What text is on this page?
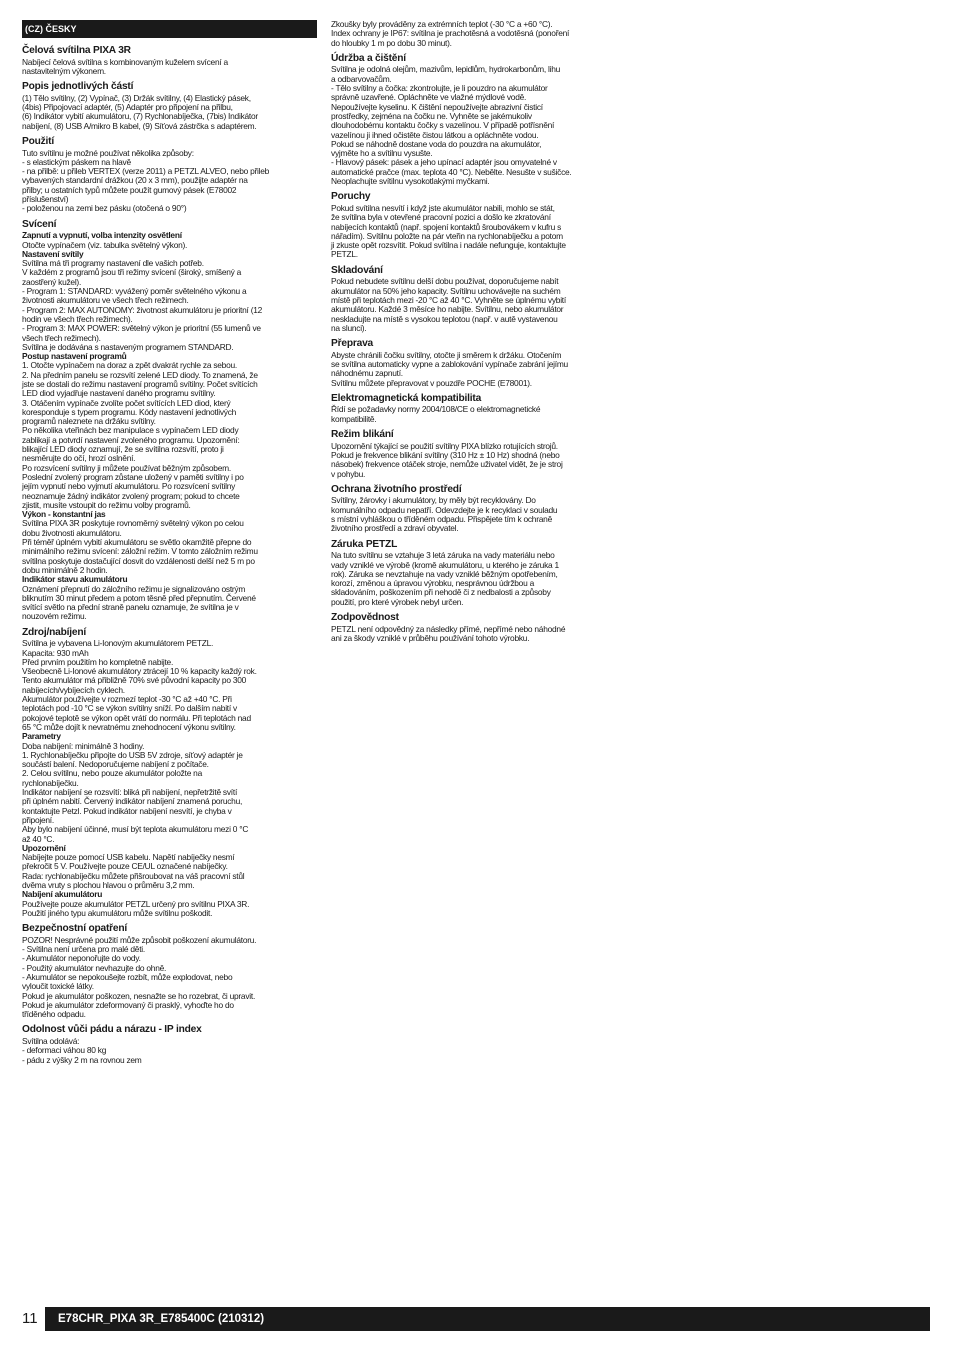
(CZ) ČESKY
Čelová svítilna PIXA 3R
Nabíjecí čelová svítilna s kombinovaným kuželem svícení a
nastavitelným výkonem.
Popis jednotlivých částí
(1) Tělo svítilny, (2) Vypínač, (3) Držák svítilny, (4) Elastický pásek,
(4bis) Připojovací adaptér, (5) Adaptér pro připojení na přilbu,
(6) Indikátor vybití akumulátoru, (7) Rychlonabíječka, (7bis) Indikátor
nabíjení, (8) USB A/mikro B kabel, (9) Síťová zástrčka s adaptérem.
Použití
Tuto svítilnu je možné používat několika způsoby:
- s elastickým páskem na hlavě
- na přilbě: u přileb VERTEX (verze 2011) a PETZL ALVEO, nebo přileb
vybavených standardní drážkou (20 x 3 mm), použijte adaptér na
přilby; u ostatních typů můžete použít gumový pásek (E78002
příslušenství)
- položenou na zemi bez pásku (otočená o 90°)
Svícení
Zapnutí a vypnutí, volba intenzity osvětlení
Otočte vypínačem (viz. tabulka světelný výkon).
Nastavení svítily
Svítilna má tři programy nastavení dle vašich potřeb.
V každém z programů jsou tři režimy svícení (široký, smíšený a
zaostřený kužel).
- Program 1: STANDARD: vyvážený poměr světelného výkonu a
životnosti akumulátoru ve všech třech režimech.
- Program 2: MAX AUTONOMY: životnost akumulátoru je prioritní (12
hodin ve všech třech režimech).
- Program 3: MAX POWER: světelný výkon je prioritní (55 lumenů ve
všech třech režimech).
Svítilna je dodávána s nastaveným programem STANDARD.
Postup nastavení programů
1. Otočte vypínačem na doraz a zpět dvakrát rychle za sebou.
2. Na předním panelu se rozsvítí zelené LED diody. To znamená, že
jste se dostali do režimu nastavení programů svítilny. Počet svítících
LED diod vyjadřuje nastavení daného programu svítilny.
3. Otáčením vypínače zvolíte počet svítících LED diod, který
koresponduje s typem programu. Kódy nastavení jednotlivých
programů naleznete na držáku svítilny.
Po několika vteřinách bez manipulace s vypínačem LED diody
zablikají a potvrdí nastavení zvoleného programu. Upozornění:
blikající LED diody oznamují, že se svítilna rozsvítí, proto ji
nesměrujte do očí, hrozí oslnění.
Po rozsvícení svítilny ji můžete používat běžným způsobem.
Poslední zvolený program zůstane uložený v paměti svítilny i po
jejím vypnutí nebo vyjmutí akumulátoru. Po rozsvícení svítilny
neoznamuje žádný indikátor zvolený program; pokud to chcete
zjistit, musíte vstoupit do režimu volby programů.
Výkon - konstantní jas
Svítilna PIXA 3R poskytuje rovnoměrný světelný výkon po celou
dobu životnosti akumulátoru.
Při téměř úplném vybití akumulátoru se světlo okamžitě přepne do
minimálního režimu svícení: záložní režim. V tomto záložním režimu
svítilna poskytuje dostačující dosvit do vzdálenosti delší než 5 m po
dobu minimálně 2 hodin.
Indikátor stavu akumulátoru
Oznámení přepnutí do záložního režimu je signalizováno ostrým
bliknutím 30 minut předem a potom těsně před přepnutím. Červené
svítící světlo na přední straně panelu oznamuje, že svítilna je v
nouzovém režimu.
Zdroj/nabíjení
Svítilna je vybavena Li-Ionovým akumulátorem PETZL.
Kapacita: 930 mAh
Před prvním použitím ho kompletně nabijte.
Všeobecně Li-Ionové akumulátory ztrácejí 10 % kapacity každý rok.
Tento akumulátor má přibližně 70% své původní kapacity po 300
nabíjecích/vybíjecích cyklech.
Akumulátor používejte v rozmezí teplot -30 °C až +40 °C. Při
teplotách pod -10 °C se výkon svítilny sníží. Po dalším nabití v
pokojové teplotě se výkon opět vrátí do normálu. Při teplotách nad
65 °C může dojít k nevratnému znehodnocení výkonu svítilny.
Parametry
Doba nabíjení: minimálně 3 hodiny.
1. Rychlonabíječku připojte do USB 5V zdroje, síťový adaptér je
součástí balení. Nedoporučujeme nabíjení z počítače.
2. Celou svítilnu, nebo pouze akumulátor položte na
rychlonabíječku.
Indikátor nabíjení se rozsvítí: bliká při nabíjení, nepřetržitě svítí
při úplném nabití. Červený indikátor nabíjení znamená poruchu,
kontaktujte Petzl. Pokud indikátor nabíjení nesvítí, je chyba v
připojení.
Aby bylo nabíjení účinné, musí být teplota akumulátoru mezi 0 °C
až 40 °C.
Upozornění
Nabíjejte pouze pomocí USB kabelu. Napětí nabíječky nesmí
překročit 5 V. Používejte pouze CE/UL označené nabíječky.
Rada: rychlonabíječku můžete přišroubovat na váš pracovní stůl
dvěma vruty s plochou hlavou o průměru 3,2 mm.
Nabíjení akumulátoru
Používejte pouze akumulátor PETZL určený pro svítilnu PIXA 3R.
Použití jiného typu akumulátoru může svítilnu poškodit.
Bezpečnostní opatření
POZOR! Nesprávné použití může způsobit poškození akumulátoru.
- Svítilna není určena pro malé děti.
- Akumulátor neponořujte do vody.
- Použitý akumulátor nevhazujte do ohně.
- Akumulátor se nepokoušejte rozbít, může explodovat, nebo
vyloučit toxické látky.
Pokud je akumulátor poškozen, nesnažte se ho rozebrat, či upravit.
Pokud je akumulátor zdeformovaný či prasklý, vyhoďte ho do
tříděného odpadu.
Odolnost vůči pádu a nárazu - IP index
Svítilna odolává:
- deformaci váhou 80 kg
- pádu z výšky 2 m na rovnou zem
Zkoušky byly prováděny za extrémních teplot (-30 °C a +60 °C).
Index ochrany je IP67: svítilna je prachotěsná a vodotěsná (ponoření
do hloubky 1 m po dobu 30 minut).
Údržba a čištění
Svítilna je odolná olejům, mazivům, lepidlům, hydrokarbonům, lihu
a odbarvovačům.
- Tělo svítilny a čočka: zkontrolujte, je li pouzdro na akumulátor
správně uzavřené. Opláchněte ve vlažné mýdlové vodě.
Nepoužívejte kyselinu. K čištění nepoužívejte abrazivní čisticí
prostředky, zejména na čočku ne. Vyhněte se jakémukoliv
dlouhodobému kontaktu čočky s vazelínou. V případě potřísnění
vazelínou ji ihned očistěte čistou látkou a opláchněte vodou.
Pokud se náhodně dostane voda do pouzdra na akumulátor,
vyjměte ho a svítilnu vysušte.
- Hlavový pásek: pásek a jeho upínací adaptér jsou omyvatelné v
automatické pračce (max. teplota 40 °C). Nebělte. Nesušte v sušičce.
Neoplachujte svítilnu vysokotlakými myčkami.
Poruchy
Pokud svítilna nesvítí i když jste akumulátor nabili, mohlo se stát,
že svítilna byla v otevřené pracovní pozici a došlo ke zkratování
nabíjecích kontaktů (např. spojení kontaktů šroubovákem v kufru s
nářadím). Svítilnu položte na pár vteřin na rychlonabíječku a potom
ji zkuste opět rozsvítit. Pokud svítilna i nadále nefunguje, kontaktujte
PETZL.
Skladování
Pokud nebudete svítilnu delší dobu používat, doporučujeme nabít
akumulátor na 50% jeho kapacity. Svítilnu uchovávejte na suchém
místě při teplotách mezi -20 °C až 40 °C. Vyhněte se úplnému vybití
akumulátoru. Každé 3 měsíce ho nabijte. Svítilnu, nebo akumulátor
neskladujte na místě s vysokou teplotou (např. v autě vystavenou
na slunci).
Přeprava
Abyste chránili čočku svítilny, otočte ji směrem k držáku. Otočením
se svítilna automaticky vypne a zablokování vypínače zabrání jejímu
náhodnému zapnutí.
Svítilnu můžete přepravovat v pouzdře POCHE (E78001).
Elektromagnetická kompatibilita
Řídí se požadavky normy 2004/108/CE o elektromagnetické
kompatibilitě.
Režim blikání
Upozornění týkající se použití svítilny PIXA blízko rotujících strojů.
Pokud je frekvence blikání svítilny (310 Hz ± 10 Hz) shodná (nebo
násobek) frekvence otáček stroje, nemůže uživatel vidět, že je stroj
v pohybu.
Ochrana životního prostředí
Svítilny, žárovky i akumulátory, by měly být recyklovány. Do
komunálního odpadu nepatří. Odevzdejte je k recyklaci v souladu
s místní vyhláškou o tříděném odpadu. Přispějete tím k ochraně
životního prostředí a zdraví obyvatel.
Záruka PETZL
Na tuto svítilnu se vztahuje 3 letá záruka na vady materiálu nebo
vady vzniklé ve výrobě (kromě akumulátoru, u kterého je záruka 1
rok). Záruka se nevztahuje na vady vzniklé běžným opotřebením,
korozí, změnou a úpravou výrobku, nesprávnou údržbou a
skladováním, poškozením při nehodě či z nedbalosti a způsoby
použití, pro které výrobek nebyl určen.
Zodpovědnost
PETZL není odpovědný za následky přímé, nepřímé nebo náhodné
ani za škody vzniklé v průběhu používání tohoto výrobku.
11	E78CHR_PIXA 3R_E785400C (210312)
